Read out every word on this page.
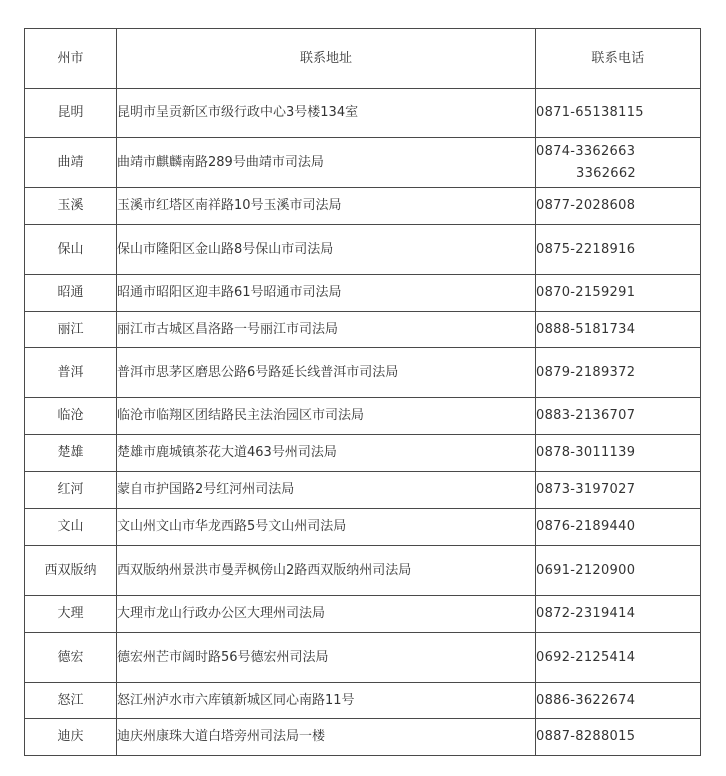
州市	联系地址	联系电话
昆明	昆明市呈贡新区市级行政中心3号楼134室	0871-65138115
曲靖	曲靖市麒麟南路289号曲靖市司法局	0874-3362663
3362662

玉溪	玉溪市红塔区南祥路10号玉溪市司法局	0877-2028608
保山	保山市隆阳区金山路8号保山市司法局	0875-2218916
昭通	昭通市昭阳区迎丰路61号昭通市司法局	0870-2159291
丽江	丽江市古城区昌洛路一号丽江市司法局	0888-5181734
普洱	普洱市思茅区磨思公路6号路延长线普洱市司法局	0879-2189372
临沧	临沧市临翔区团结路民主法治园区市司法局	0883-2136707
楚雄	楚雄市鹿城镇茶花大道463号州司法局	0878-3011139
红河	蒙自市护国路2号红河州司法局	0873-3197027
文山	文山州文山市华龙西路5号文山州司法局	0876-2189440
西双版纳	西双版纳州景洪市曼弄枫傍山2路西双版纳州司法局	0691-2120900
大理	大理市龙山行政办公区大理州司法局	0872-2319414
德宏	德宏州芒市阔时路56号德宏州司法局	0692-2125414
怒江	怒江州泸水市六库镇新城区同心南路11号	0886-3622674
迪庆	迪庆州康珠大道白塔旁州司法局一楼	0887-8288015
